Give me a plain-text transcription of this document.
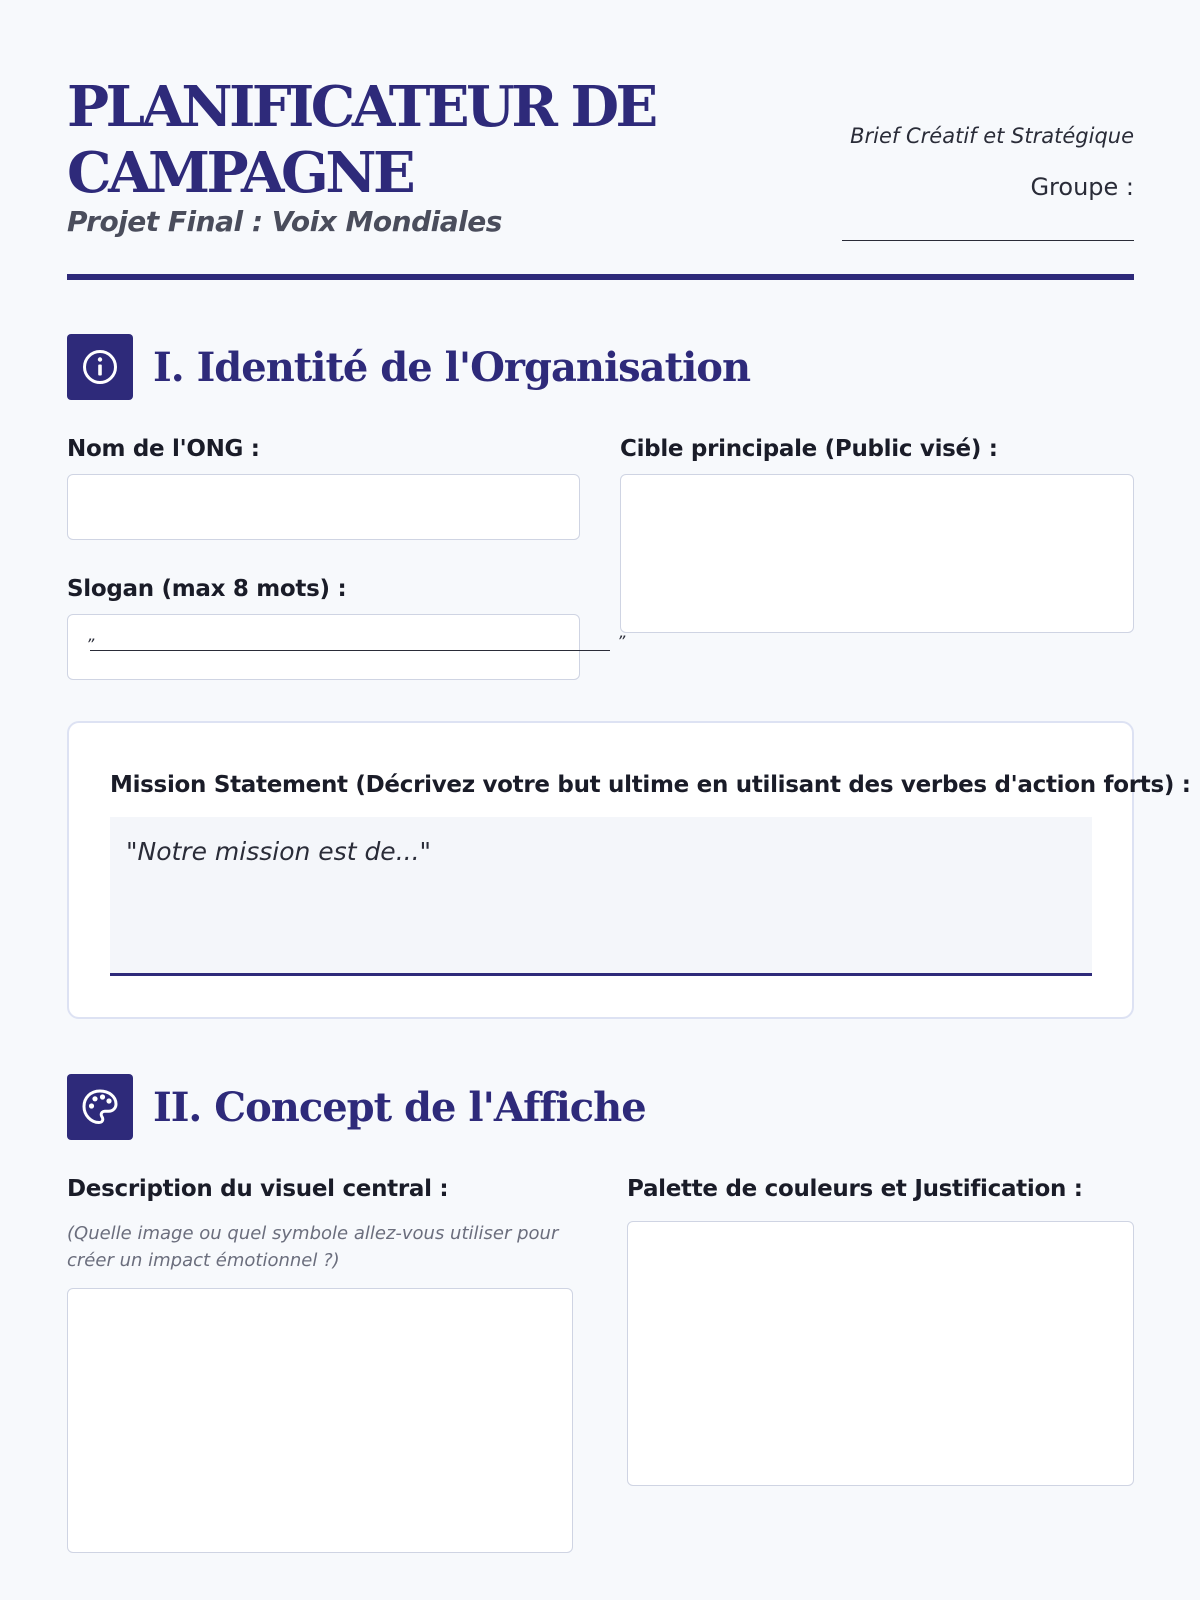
PLANIFICATEUR DE
CAMPAGNE
Projet Final : Voix Mondiales
Brief Créatif et Stratégique
Groupe :
I. Identité de l'Organisation
Nom de l'ONG :	Cible principale (Public visé) :
Slogan (max 8 mots) :
”	”
Mission Statement (Décrivez votre but ultime en utilisant des verbes d'action forts) :
"Notre mission est de..."
II. Concept de l'Affiche
Description du visuel central :
(Quelle image ou quel symbole allez-vous utiliser pour
créer un impact émotionnel ?)
Palette de couleurs et Justification :
